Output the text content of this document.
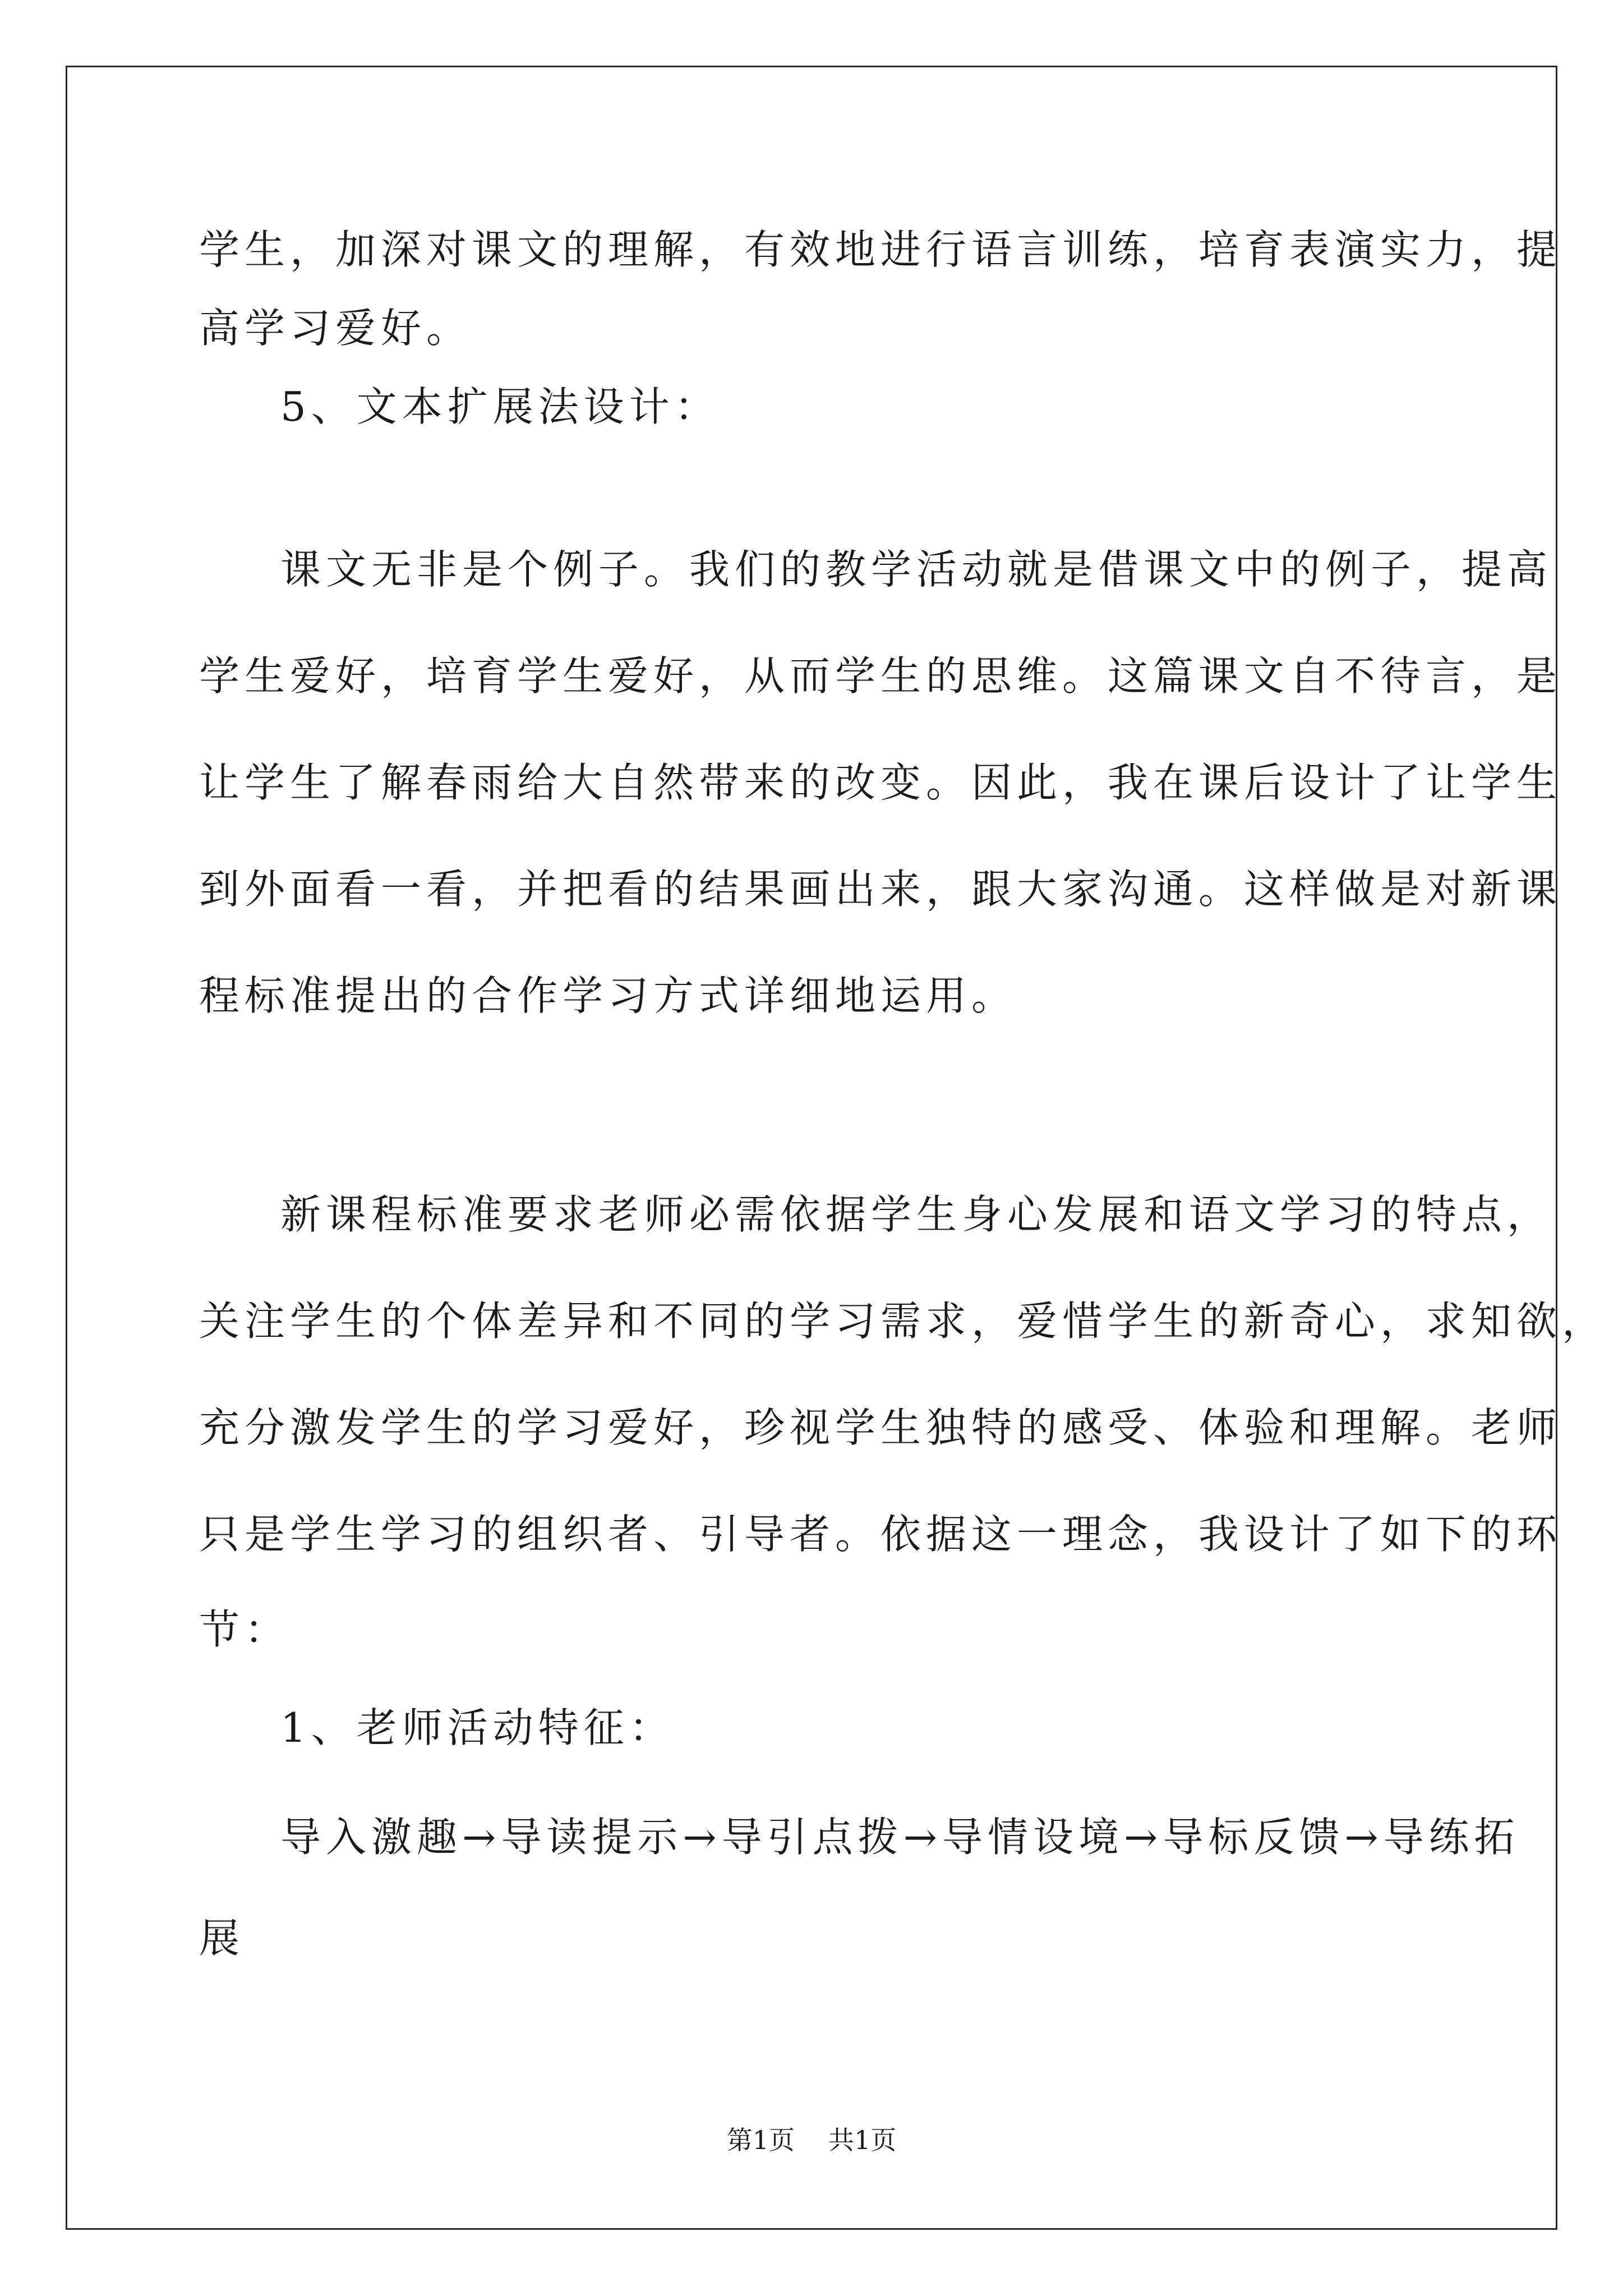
学生，加深对课文的理解，有效地进行语言训练，培育表演实力，提
高学习爱好。
5、文本扩展法设计：
课文无非是个例子。我们的教学活动就是借课文中的例子，提高
学生爱好，培育学生爱好，从而学生的思维。这篇课文自不待言，是
让学生了解春雨给大自然带来的改变。因此，我在课后设计了让学生
到外面看一看，并把看的结果画出来，跟大家沟通。这样做是对新课
程标准提出的合作学习方式详细地运用。
新课程标准要求老师必需依据学生身心发展和语文学习的特点，
关注学生的个体差异和不同的学习需求，爱惜学生的新奇心，求知欲，
充分激发学生的学习爱好，珍视学生独特的感受、体验和理解。老师
只是学生学习的组织者、引导者。依据这一理念，我设计了如下的环
节：
1、老师活动特征：
导入激趣→导读提示→导引点拨→导情设境→导标反馈→导练拓
展
第1页 共1页
